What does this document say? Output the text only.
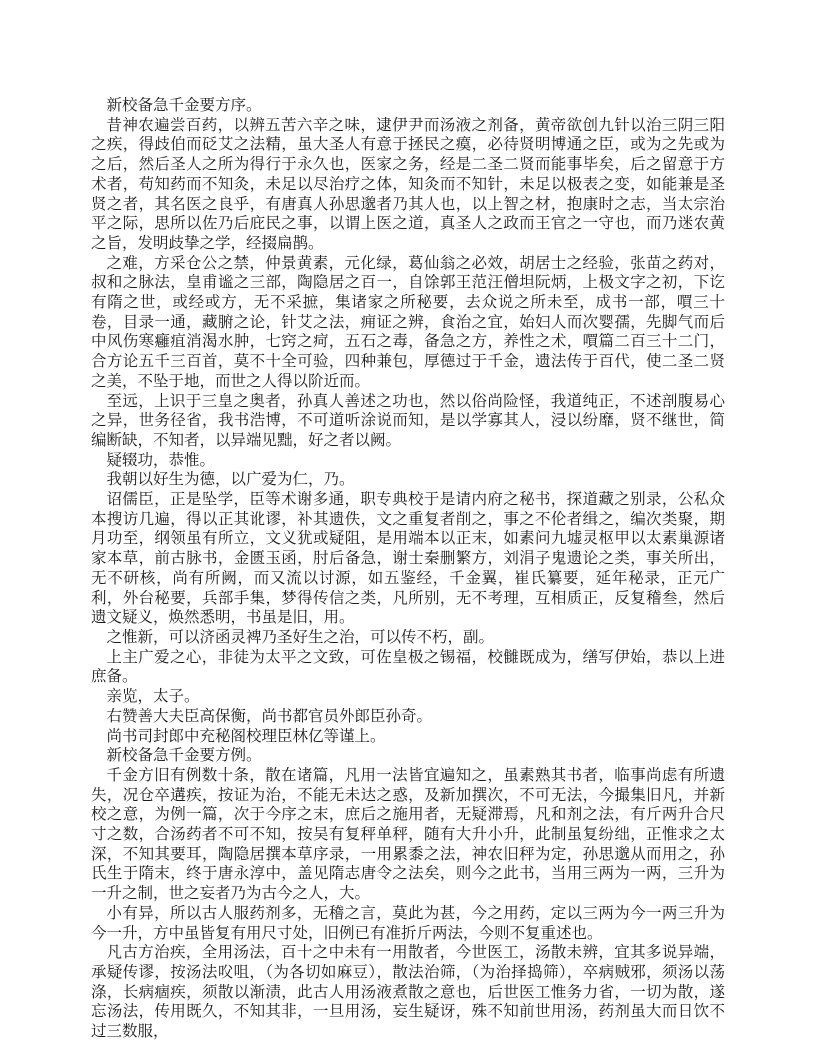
新校备急千金要方序。

昔神农遍尝百药，以辨五苦六辛之味，逮伊尹而汤液之剂备，黄帝欲创九针以治三阴三阳之疾，得歧伯而砭艾之法精，虽大圣人有意于拯民之瘼，必待贤明博通之臣，或为之先或为之后，然后圣人之所为得行于永久也，医家之务，经是二圣二贤而能事毕矣，后之留意于方术者，苟知药而不知灸，未足以尽治疗之体，知灸而不知针，未足以极表之变，如能兼是圣贤之者，其名医之良乎，有唐真人孙思邈者乃其人也，以上智之材，抱康时之志，当太宗治平之际，思所以佐乃后庇民之事，以谓上医之道，真圣人之政而王官之一守也，而乃迷农黄之旨，发明歧挚之学，经掇扁鹊。

之难，方采仓公之禁，仲景黄素，元化绿，葛仙翁之必效，胡居士之经验，张苗之药对，叔和之脉法，皇甫谧之三部，陶隐居之百一，自馀郭王范汪僧坦阮炳，上极文字之初，下讫有隋之世，或经或方，无不采摭，集诸家之所秘要，去众说之所未至，成书一部，嘪三十卷，目录一通，藏腑之论，针艾之法，痈证之辨，食治之宜，始妇人而次婴孺，先脚气而后中风伤寒癰疽消渴水肿，七窍之疴，五石之毒，备急之方，养性之术，嘪篇二百三十二门，合方论五千三百首，莫不十全可验，四种兼包，厚德过于千金，遗法传于百代，使二圣二贤之美，不坠于地，而世之人得以阶近而。

至远，上识于三皇之奥者，孙真人善述之功也，然以俗尚险怪，我道纯正，不述剖腹易心之异，世务径省，我书浩博，不可道听涂说而知，是以学寡其人，浸以纷靡，贤不继世，简编断缺，不知者，以异端见黜，好之者以阙。

疑辍功，恭惟。

我朝以好生为德，以广爱为仁，乃。

诏儒臣，正是坠学，臣等术谢多通，职专典校于是请内府之秘书，探道藏之别录，公私众本搜访几遍，得以正其讹谬，补其遗佚，文之重复者削之，事之不伦者缉之，编次类聚，期月功至，纲领虽有所立，文义犹或疑阻，是用端本以正末，如素问九墟灵枢甲以太素巢源诸家本草，前古脉书，金匮玉函，肘后备急，谢士秦删繁方，刘涓子鬼遗论之类，事关所出，无不研核，尚有所阙，而又流以讨源，如五鉴经，千金翼，崔氏纂要，延年秘录，正元广利，外台秘要，兵部手集，梦得传信之类，凡所别，无不考理，互相质正，反复稽叁，然后遗文疑义，焕然悉明，书虽是旧，用。

之惟新，可以济函灵裨乃圣好生之治，可以传不朽，副。

上主广爱之心，非徒为太平之文致，可佐皇极之锡福，校雠既成为，缮写伊始，恭以上进庶备。

亲览，太子。

右赞善大夫臣高保衡，尚书都官员外郎臣孙奇。

尚书司封郎中充秘阁校理臣林亿等谨上。

新校备急千金要方例。

千金方旧有例数十条，散在诸篇，凡用一法皆宜遍知之，虽素熟其书者，临事尚虑有所遗失，况仓卒遘疾，按证为治，不能无未达之惑，及新加撰次，不可无法，今撮集旧凡，并新校之意，为例一篇，次于今序之末，庶后之施用者，无疑滞焉，凡和剂之法，有斤两升合尺寸之数，合汤药者不可不知，按吴有复秤单秤，随有大升小升，此制虽复纷绌，正惟求之太深，不知其要耳，陶隐居撰本草序录，一用累黍之法，神农旧秤为定，孙思邈从而用之，孙氏生于隋末，终于唐永淳中，盖见隋志唐令之法矣，则今之此书，当用三两为一两，三升为一升之制，世之妄者乃为古今之人，大。

小有异，所以古人服药剂多，无稽之言，莫此为甚，今之用药，定以三两为今一两三升为今一升，方中虽皆复有用尺寸处，旧例已有准折斤两法，今则不复重述也。

凡古方治疾，全用汤法，百十之中未有一用散者，今世医工，汤散未辨，宜其多说异端，承疑传谬，按汤法㕮咀，（为各切如麻豆），散法治筛，（为治择捣筛），卒病贼邪，须汤以荡涤，长病痼疾，须散以渐渍，此古人用汤液煮散之意也，后世医工惟务力省，一切为散，遂忘汤法，传用既久，不知其非，一旦用汤，妄生疑讶，殊不知前世用汤，药剂虽大而日饮不过三数服，
